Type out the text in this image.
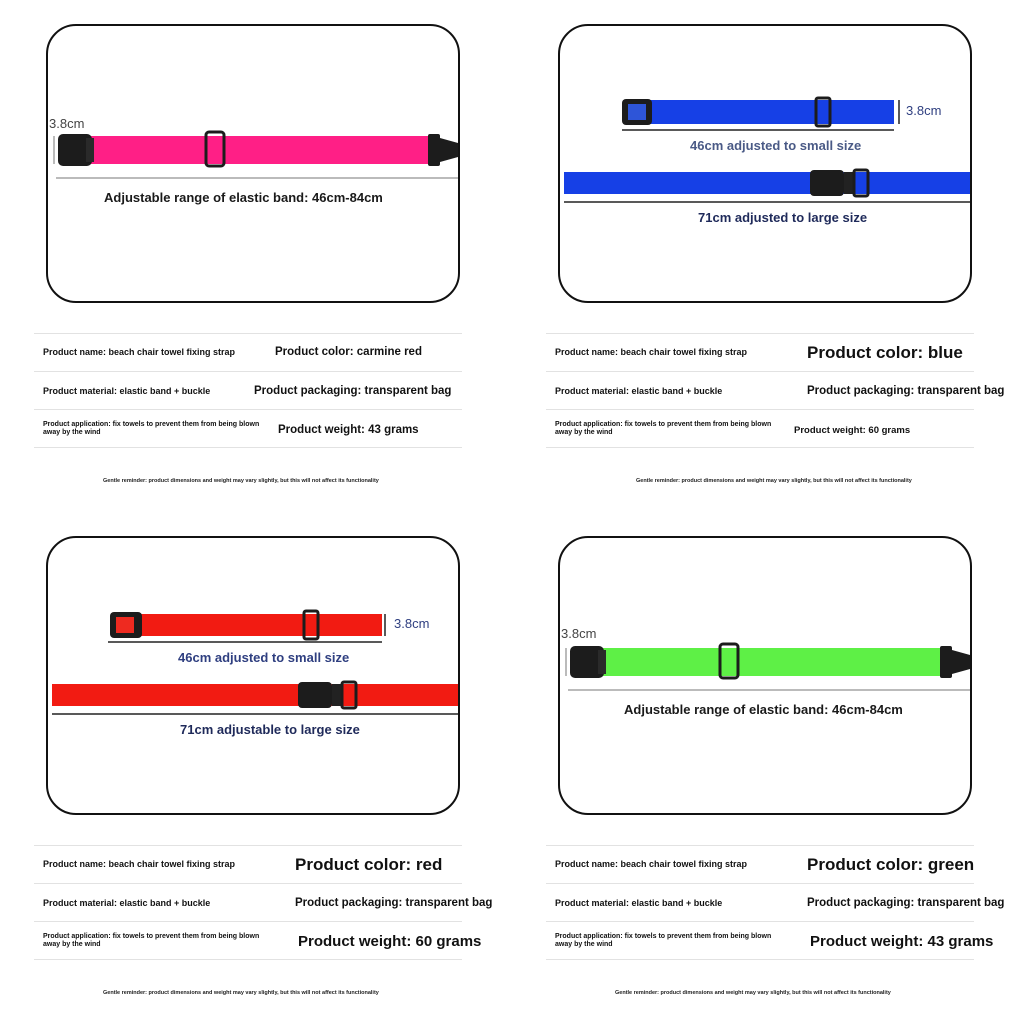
3.8cm
Adjustable range of elastic band: 46cm-84cm
Product name: beach chair towel fixing strap	Product color: carmine red
Product material: elastic band + buckle	Product packaging: transparent bag
Product application: fix towels to prevent them from being blown away by the wind	Product weight: 43 grams
Gentle reminder: product dimensions and weight may vary slightly, but this will not affect its functionality
3.8cm
46cm adjusted to small size
71cm adjusted to large size
Product name: beach chair towel fixing strap	Product color: blue
Product material: elastic band + buckle	Product packaging: transparent bag
Product application: fix towels to prevent them from being blown away by the wind	Product weight: 60 grams
Gentle reminder: product dimensions and weight may vary slightly, but this will not affect its functionality
3.8cm
46cm adjusted to small size
71cm adjustable to large size
Product name: beach chair towel fixing strap	Product color: red
Product material: elastic band + buckle	Product packaging: transparent bag
Product application: fix towels to prevent them from being blown away by the wind	Product weight: 60 grams
Gentle reminder: product dimensions and weight may vary slightly, but this will not affect its functionality
3.8cm
Adjustable range of elastic band: 46cm-84cm
Product name: beach chair towel fixing strap	Product color: green
Product material: elastic band + buckle	Product packaging: transparent bag
Product application: fix towels to prevent them from being blown away by the wind	Product weight: 43 grams
Gentle reminder: product dimensions and weight may vary slightly, but this will not affect its functionality
